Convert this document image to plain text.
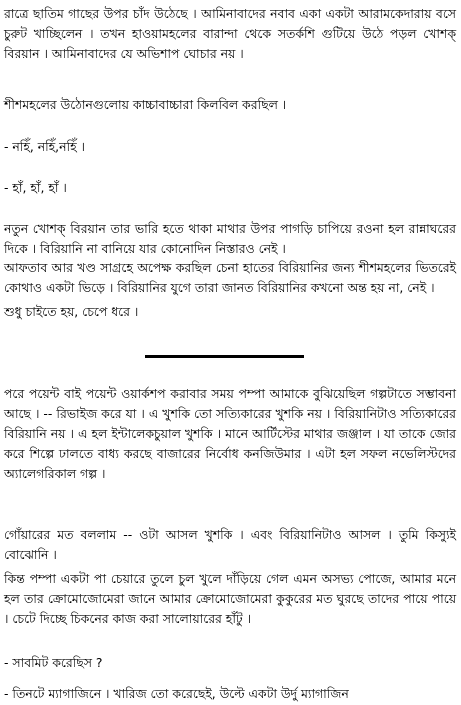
রাত্রে ছাতিম গাছের উপর চাঁদ উঠেছে । আমিনাবাদের নবাব একা একটা আরামকেদারায় বসে চুরুট খাচ্ছিলেন । তখন হাওয়ামহলের বারান্দা থেকে সতর্কশি গুটিয়ে উঠে পড়ল খোশক্ বিরয়ান । আমিনাবাদের যে অভিশাপ ঘোচার নয় ।

শীশমহলের উঠোনগুলোয় কাচ্চাবাচ্চারা কিলবিল করছিল ।

- নহিঁ, নহিঁ,নহিঁ ।

- হাঁ, হাঁ, হাঁ ।

নতুন খোশক্ বিরয়ান তার ভারি হতে থাকা মাথার উপর পাগড়ি চাপিয়ে রওনা হল রান্নাঘরের দিকে । বিরিয়ানি না বানিয়ে যার কোনোদিন নিস্তারও নেই ।

আফতাব আর খণ্ড সাগ্রহে অপেক্ষ করছিল চেনা হাতের বিরিয়ানির জন্য শীশমহলের ভিতরেই কোথাও একটা ভিড়ে । বিরিয়ানির যুগে তারা জানত বিরিয়ানির কখনো অন্ত হয় না, নেই ।

শুধু চাইতে হয়, চেপে ধরে ।

পরে পয়েন্ট বাই পয়েন্ট ওয়ার্কশপ করাবার সময় পম্পা আমাকে বুঝিয়েছিল গল্পটাতে সম্ভাবনা আছে । -- রিভাইজ করে যা । এ খুশকি তো সত্যিকারের খুশকি নয় । বিরিয়ানিটাও সত্যিকারের বিরিয়ানি নয় । এ হল ইন্টালেকচুয়াল খুশকি । মানে আর্টিস্টের মাথার জঞ্জাল । যা তাকে জোর করে শিল্পে ঢালতে বাধ্য করছে বাজারের নির্বোধ কনজিউমার । এটা হল সফল নভেলিস্টদের অ্যালেগরিকাল গল্প ।

গোঁয়ারের মত বললাম -- ওটা আসল খুশকি । এবং বিরিয়ানিটাও আসল । তুমি কিস্যুই বোঝোনি ।

কিন্ত পম্পা একটা পা চেয়ারে তুলে চুল খুলে দাঁড়িয়ে গেল এমন অসভ্য পোজে, আমার মনে হল তার ক্রোমোজোমেরা জানে আমার ক্রোমোজোমেরা কুকুরের মত ঘুরছে তাদের পায়ে পায়ে । চেটে দিচ্ছে চিকনের কাজ করা সালোয়ারের হাঁটু ।

- সাবমিট করেছিস ?

- তিনটে ম্যাগাজিনে । খারিজ তো করেছেই, উল্টে একটা উর্দু ম্যাগাজিন
